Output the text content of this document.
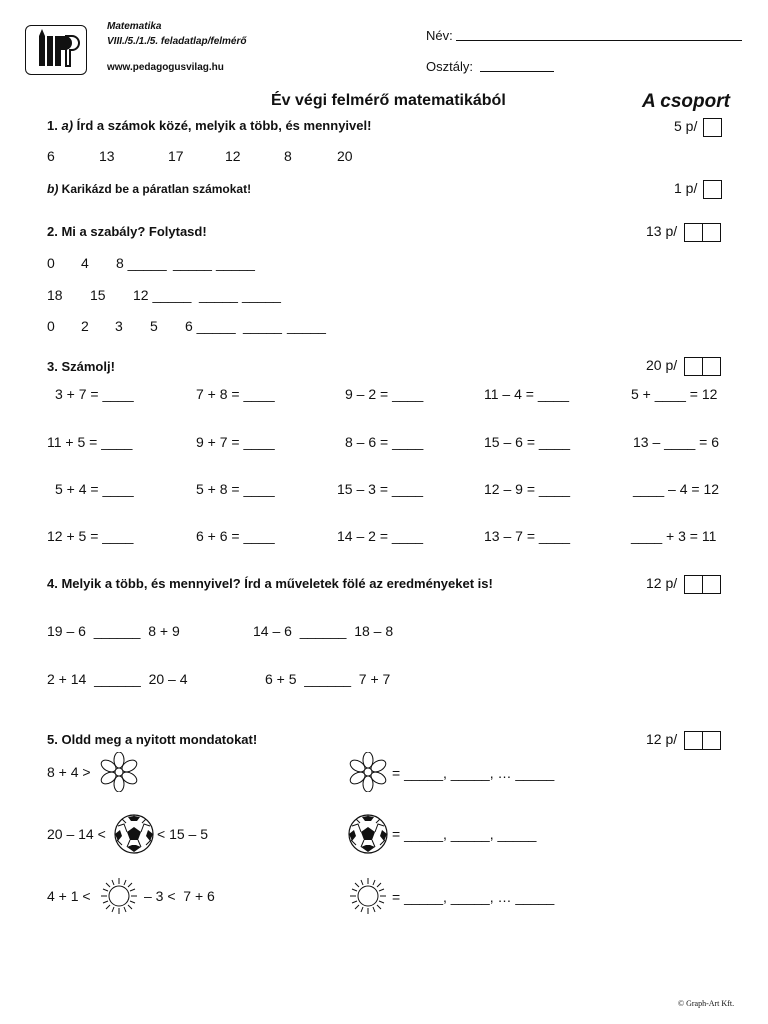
Matematika
VIII./5./1./5. feladatlap/felmérő
www.pedagogusvilag.hu
Név:
Osztály:
Év végi felmérő matematikából	A csoport
1. a) Írd a számok közé, melyik a több, és mennyivel!	5 p/
6	13	17	12	8	20
b) Karikázd be a páratlan számokat!	1 p/
2. Mi a szabály? Folytasd!	13 p/
0 4 8 _____ _____ _____
18 15 12 _____ _____ _____
0 2 3 5 6 _____ _____ _____
3. Számolj!	20 p/
3 + 7 = ____	7 + 8 = ____	9 – 2 = ____	11 – 4 = ____	5 + ____ = 12
11 + 5 = ____	9 + 7 = ____	8 – 6 = ____	15 – 6 = ____	13 – ____ = 6
5 + 4 = ____	5 + 8 = ____	15 – 3 = ____	12 – 9 = ____	____ – 4 = 12
12 + 5 = ____	6 + 6 = ____	14 – 2 = ____	13 – 7 = ____	____ + 3 = 11
4. Melyik a több, és mennyivel? Írd a műveletek fölé az eredményeket is!	12 p/
19 – 6  ______  8 + 9	14 – 6  ______  18 – 8
2 + 14  ______  20 – 4	6 + 5  ______  7 + 7
5. Oldd meg a nyitott mondatokat!	12 p/
8 + 4 >
20 – 14 <	< 15 – 5
4 + 1 <	– 3 <  7 + 6
= _____, _____, … _____
= _____, _____, _____
= _____, _____, … _____
© Graph-Art Kft.
